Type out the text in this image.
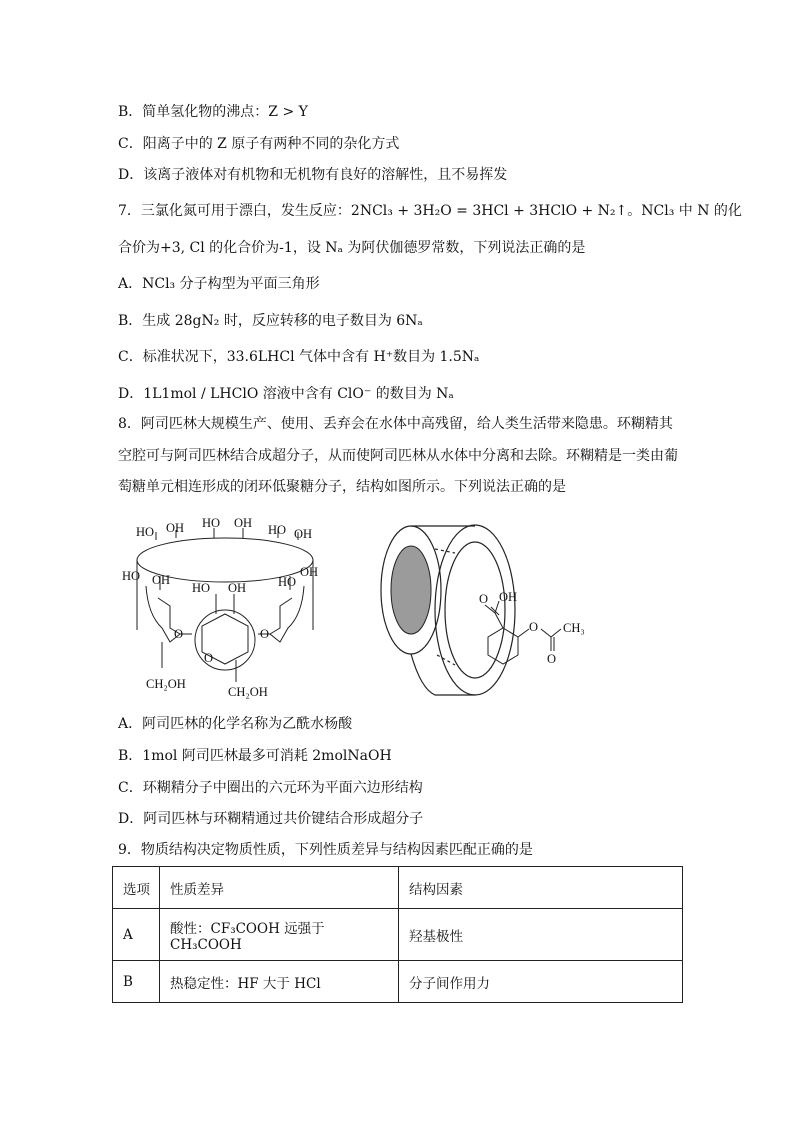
B．简单氢化物的沸点：Z > Y
C．阳离子中的 Z 原子有两种不同的杂化方式
D．该离子液体对有机物和无机物有良好的溶解性，且不易挥发
7．三氯化氮可用于漂白，发生反应：2NCl₃ + 3H₂O = 3HCl + 3HClO + N₂↑。NCl₃ 中 N 的化
合价为+3, Cl 的化合价为-1，设 Nₐ 为阿伏伽德罗常数，下列说法正确的是
A．NCl₃ 分子构型为平面三角形
B．生成 28gN₂ 时，反应转移的电子数目为 6Nₐ
C．标准状况下，33.6LHCl 气体中含有 H⁺数目为 1.5Nₐ
D．1L1mol / LHClO 溶液中含有 ClO⁻ 的数目为 Nₐ
8．阿司匹林大规模生产、使用、丢弃会在水体中高残留，给人类生活带来隐患。环糊精其
空腔可与阿司匹林结合成超分子，从而使阿司匹林从水体中分离和去除。环糊精是一类由葡
萄糖单元相连形成的闭环低聚糖分子，结构如图所示。下列说法正确的是
HO OH HO OH HO OH
HO OH
HO OH	HO
OH
O	O
O
CH₂OH
CH₂OH
O OH
O CH₃
O
A．阿司匹林的化学名称为乙酰水杨酸
B．1mol 阿司匹林最多可消耗 2molNaOH
C．环糊精分子中圈出的六元环为平面六边形结构
D．阿司匹林与环糊精通过共价键结合形成超分子
9．物质结构决定物质性质，下列性质差异与结构因素匹配正确的是
选项	性质差异	结构因素
A	酸性：CF₃COOH 远强于 CH₃COOH	羟基极性
B	热稳定性：HF 大于 HCl	分子间作用力
